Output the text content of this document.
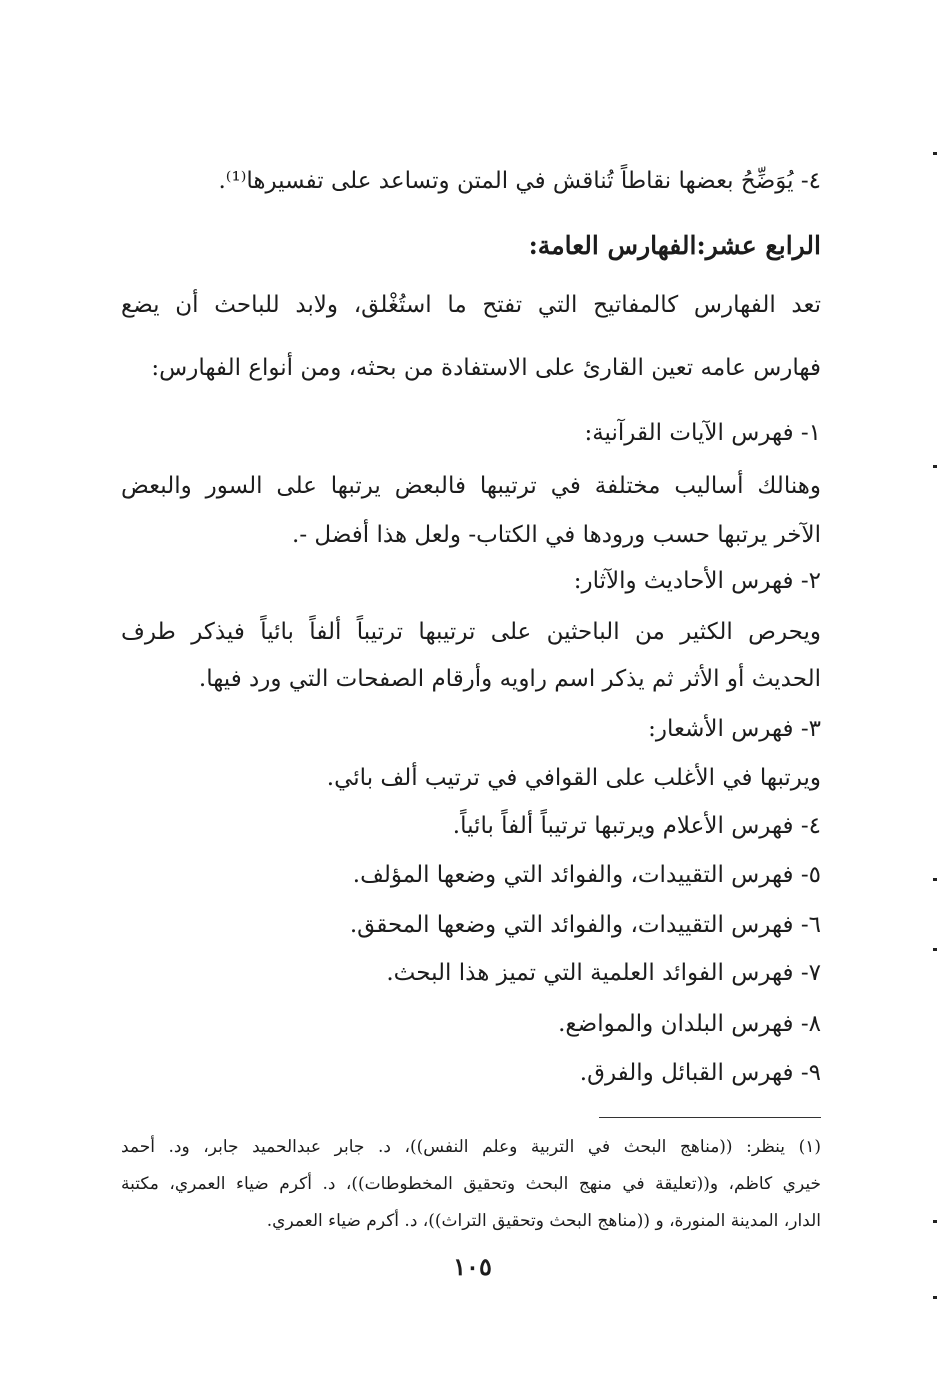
٤- يُوَضِّحُ بعضها نقاطاً تُناقش في المتن وتساعد على تفسيرها⁽¹⁾.
الرابع عشر:الفهارس العامة:
تعد الفهارس كالمفاتيح التي تفتح ما استُغْلق، ولابد للباحث أن يضع
فهارس عامه تعين القارئ على الاستفادة من بحثه، ومن أنواع الفهارس:
١- فهرس الآيات القرآنية:
وهنالك أساليب مختلفة في ترتيبها فالبعض يرتبها على السور والبعض
الآخر يرتبها حسب ورودها في الكتاب- ولعل هذا أفضل -.
٢- فهرس الأحاديث والآثار:
ويحرص الكثير من الباحثين على ترتيبها ترتيباً ألفاً بائياً فيذكر طرف
الحديث أو الأثر ثم يذكر اسم راويه وأرقام الصفحات التي ورد فيها.
٣- فهرس الأشعار:
ويرتبها في الأغلب على القوافي في ترتيب ألف بائي.
٤- فهرس الأعلام ويرتبها ترتيباً ألفاً بائياً.
٥- فهرس التقييدات، والفوائد التي وضعها المؤلف.
٦- فهرس التقييدات، والفوائد التي وضعها المحقق.
٧- فهرس الفوائد العلمية التي تميز هذا البحث.
٨- فهرس البلدان والمواضع.
٩- فهرس القبائل والفرق.
(١) ينظر: ((مناهج البحث في التربية وعلم النفس))، د. جابر عبدالحميد جابر، ود. أحمد
خيري كاظم، و((تعليقة في منهج البحث وتحقيق المخطوطات))، د. أكرم ضياء العمري، مكتبة
الدار، المدينة المنورة، و ((مناهج البحث وتحقيق التراث))، د. أكرم ضياء العمري.
١٠٥
